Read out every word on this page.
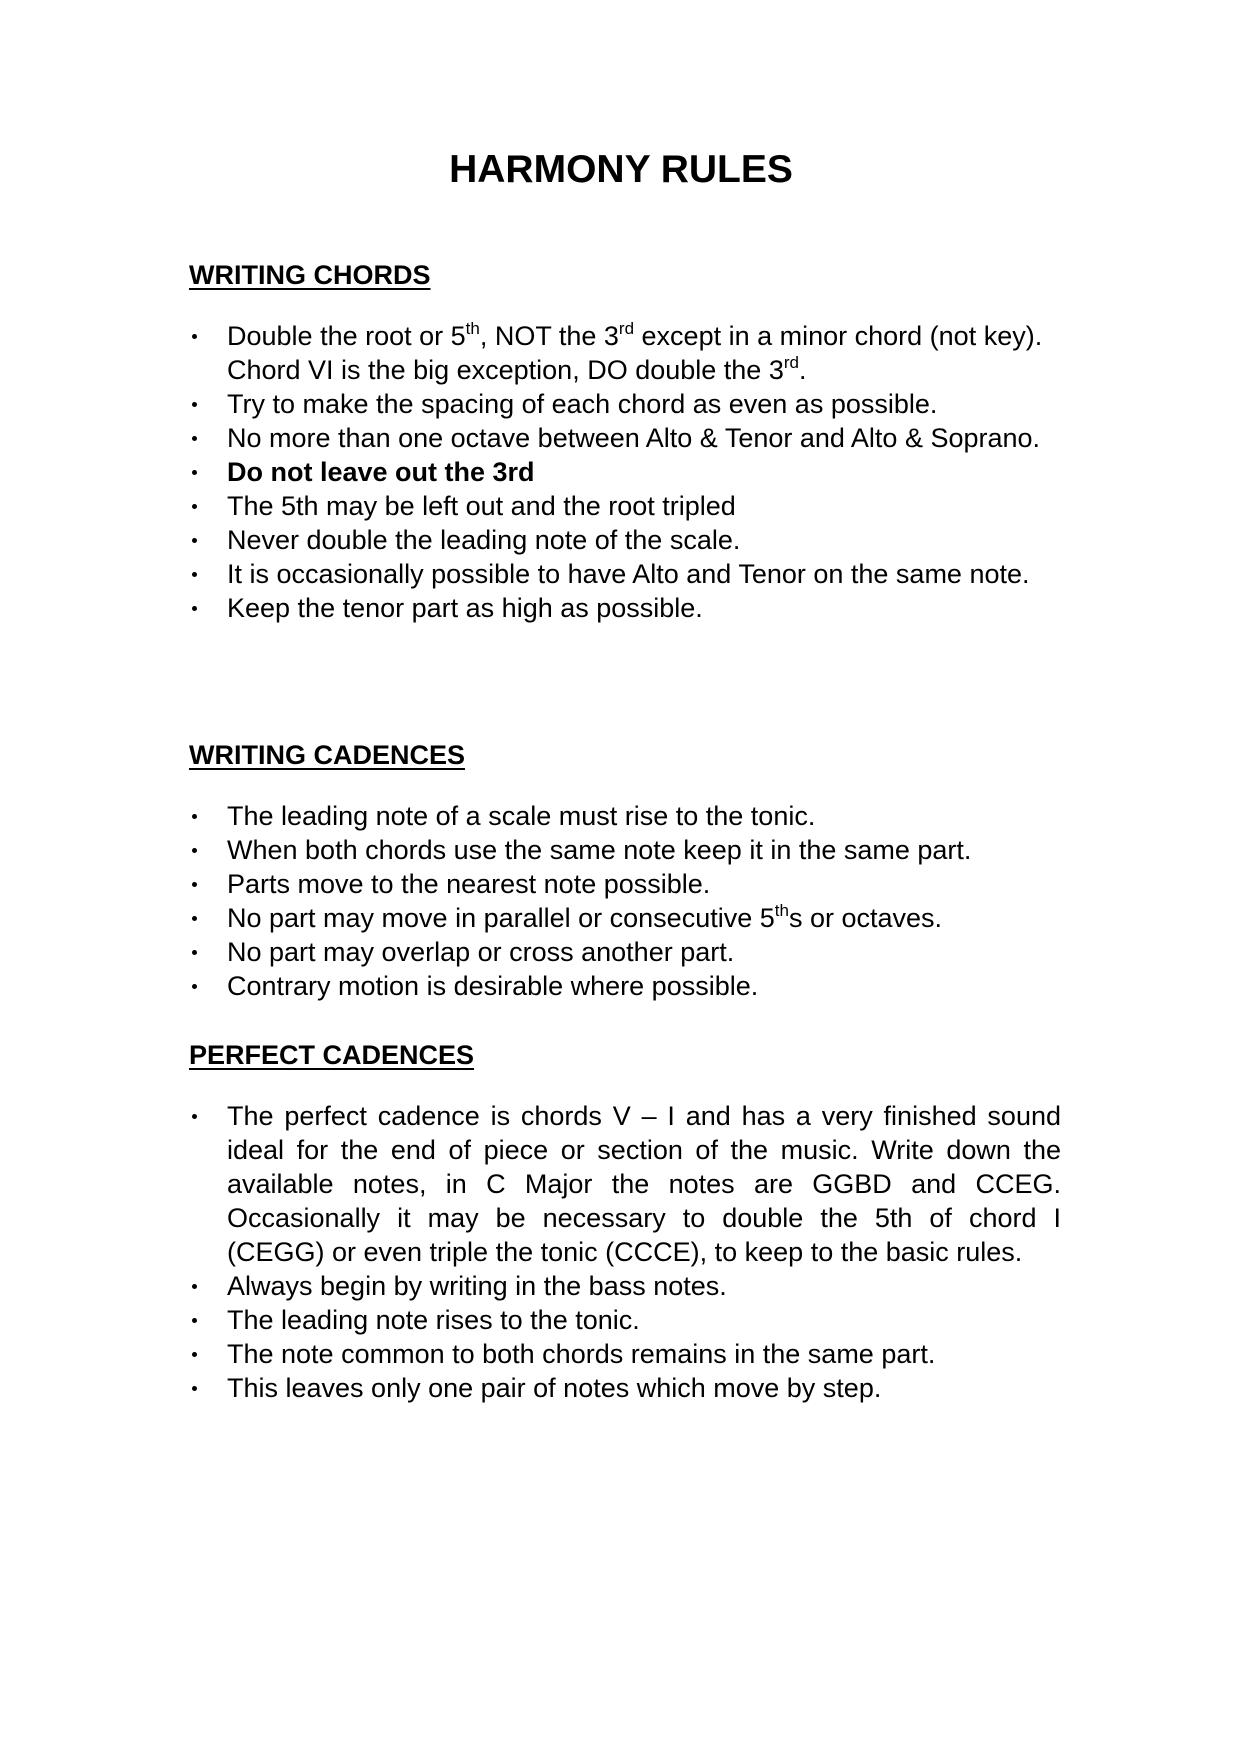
HARMONY RULES
WRITING CHORDS
Double the root or 5th, NOT the 3rd except in a minor chord (not key).
Chord VI is the big exception, DO double the 3rd.
Try to make the spacing of each chord as even as possible.
No more than one octave between Alto & Tenor and Alto & Soprano.
Do not leave out the 3rd
The 5th may be left out and the root tripled
Never double the leading note of the scale.
It is occasionally possible to have Alto and Tenor on the same note.
Keep the tenor part as high as possible.
WRITING CADENCES
The leading note of a scale must rise to the tonic.
When both chords use the same note keep it in the same part.
Parts move to the nearest note possible.
No part may move in parallel or consecutive 5ths or octaves.
No part may overlap or cross another part.
Contrary motion is desirable where possible.
PERFECT CADENCES
The perfect cadence is chords V – I and has a very finished sound ideal for the end of piece or section of the music. Write down the available notes, in C Major the notes are GGBD and CCEG. Occasionally it may be necessary to double the 5th of chord I (CEGG) or even triple the tonic (CCCE), to keep to the basic rules.
Always begin by writing in the bass notes.
The leading note rises to the tonic.
The note common to both chords remains in the same part.
This leaves only one pair of notes which move by step.
